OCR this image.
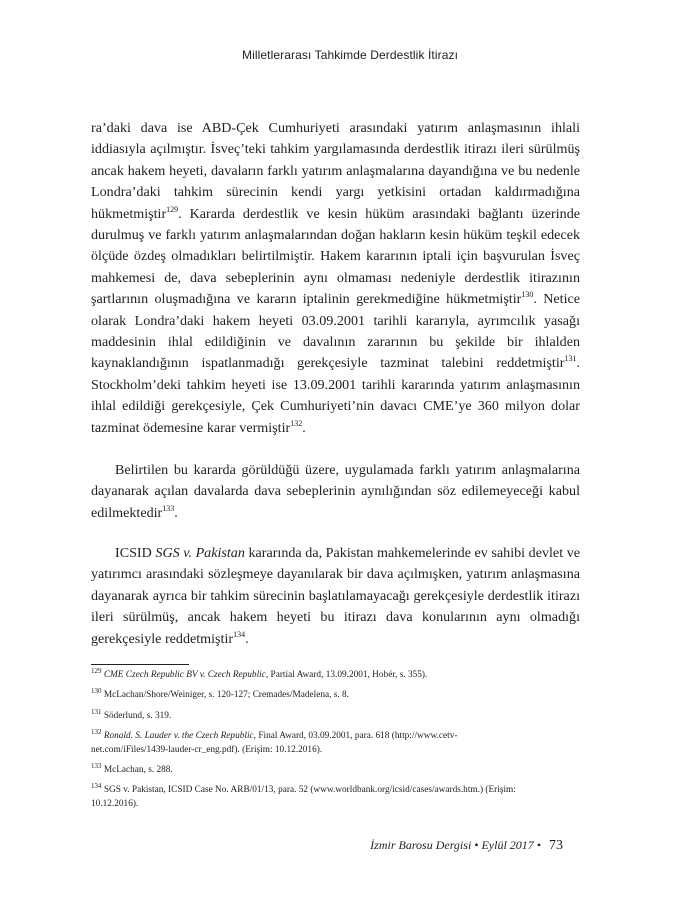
Milletlerarası Tahkimde Derdestlik İtirazı

ra’daki dava ise ABD-Çek Cumhuriyeti arasındaki yatırım anlaşmasının ihlali iddiasıyla açılmıştır. İsveç’teki tahkim yargılamasında derdestlik itirazı ileri sürülmüş ancak hakem heyeti, davaların farklı yatırım anlaşmalarına dayandığına ve bu nedenle Londra’daki tahkim sürecinin kendi yargı yetkisini ortadan kaldırmadığına hükmetmiştir$^{129}$. Kararda derdestlik ve kesin hüküm arasındaki bağlantı üzerinde durulmuş ve farklı yatırım anlaşmalarından doğan hakların kesin hüküm teşkil edecek ölçüde özdeş olmadıkları belirtilmiştir. Hakem kararının iptali için başvurulan İsveç mahkemesi de, dava sebeplerinin aynı olmaması nedeniyle derdestlik itirazının şartlarının oluşmadığına ve kararın iptalinin gerekmediğine hükmetmiştir$^{130}$. Netice olarak Londra’daki hakem heyeti 03.09.2001 tarihli kararıyla, ayrımcılık yasağı maddesinin ihlal edildiğinin ve davalının zararının bu şekilde bir ihlalden kaynaklandığının ispatlanmadığı gerekçesiyle tazminat talebini reddetmiştir$^{131}$. Stockholm’deki tahkim heyeti ise 13.09.2001 tarihli kararında yatırım anlaşmasının ihlal edildiği gerekçesiyle, Çek Cumhuriyeti’nin davacı CME’ye 360 milyon dolar tazminat ödemesine karar vermiştir$^{132}$.

Belirtilen bu kararda görüldüğü üzere, uygulamada farklı yatırım anlaşmalarına dayanarak açılan davalarda dava sebeplerinin aynılığından söz edilemeyeceği kabul edilmektedir$^{133}$.

ICSID SGS v. Pakistan kararında da, Pakistan mahkemelerinde ev sahibi devlet ve yatırımcı arasındaki sözleşmeye dayanılarak bir dava açılmışken, yatırım anlaşmasına dayanarak ayrıca bir tahkim sürecinin başlatılamayacağı gerekçesiyle derdestlik itirazı ileri sürülmüş, ancak hakem heyeti bu itirazı dava konularının aynı olmadığı gerekçesiyle reddetmiştir$^{134}$.

$^{129}$ CME Czech Republic BV v. Czech Republic, Partial Award, 13.09.2001, Hobér, s. 355).
$^{130}$ McLachan/Shore/Weiniger, s. 120-127; Cremades/Madelena, s. 8.
$^{131}$ Söderlund, s. 319.
$^{132}$ Ronald. S. Lauder v. the Czech Republic, Final Award, 03.09.2001, para. 618 (http://www.cetv-net.com/iFiles/1439-lauder-cr_eng.pdf). (Erişim: 10.12.2016).
$^{133}$ McLachan, s. 288.
$^{134}$ SGS v. Pakistan, ICSID Case No. ARB/01/13, para. 52 (www.worldbank.org/icsid/cases/awards.htm.) (Erişim: 10.12.2016).
İzmir Barosu Dergisi • Eylül 2017 • 73
